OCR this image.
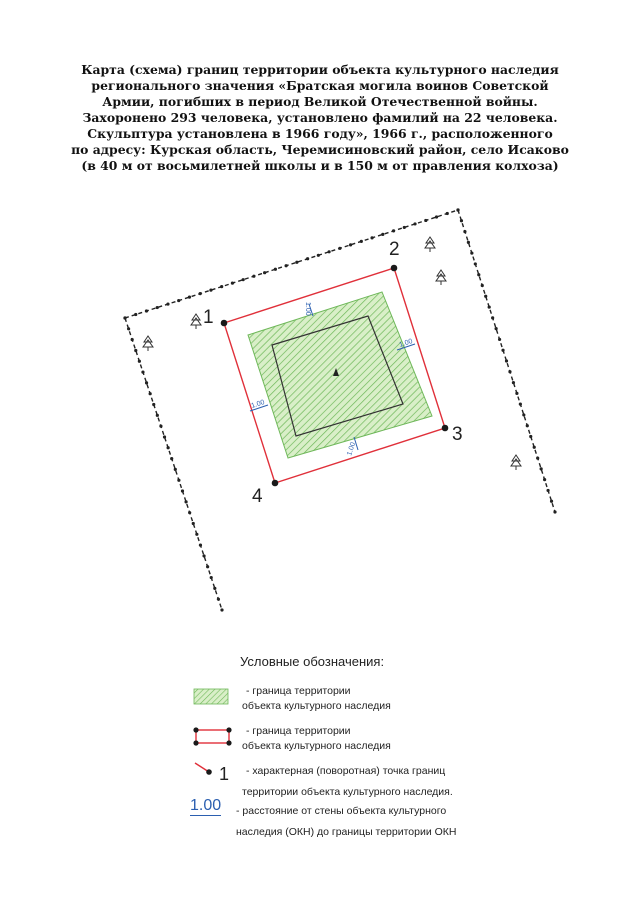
Карта (схема) границ территории объекта культурного наследия
регионального значения «Братская могила воинов Советской
Армии, погибших в период Великой Отечественной войны.
Захоронено 293 человека, установлено фамилий на 22 человека.
Скульптура установлена в 1966 году», 1966 г., расположенного
по адресу: Курская область, Черемисиновский район, село Исаково
(в 40 м от восьмилетней школы и в 150 м от правления колхоза)
1
2
3
4
1.00
1.00
1.00
1.00
Условные обозначения:
- граница территории
объекта культурного наследия
- граница территории
объекта культурного наследия
1	- характерная (поворотная) точка границ
территории объекта культурного наследия.
1.00 - расстояние от стены объекта культурного
наследия (ОКН) до границы территории ОКН
